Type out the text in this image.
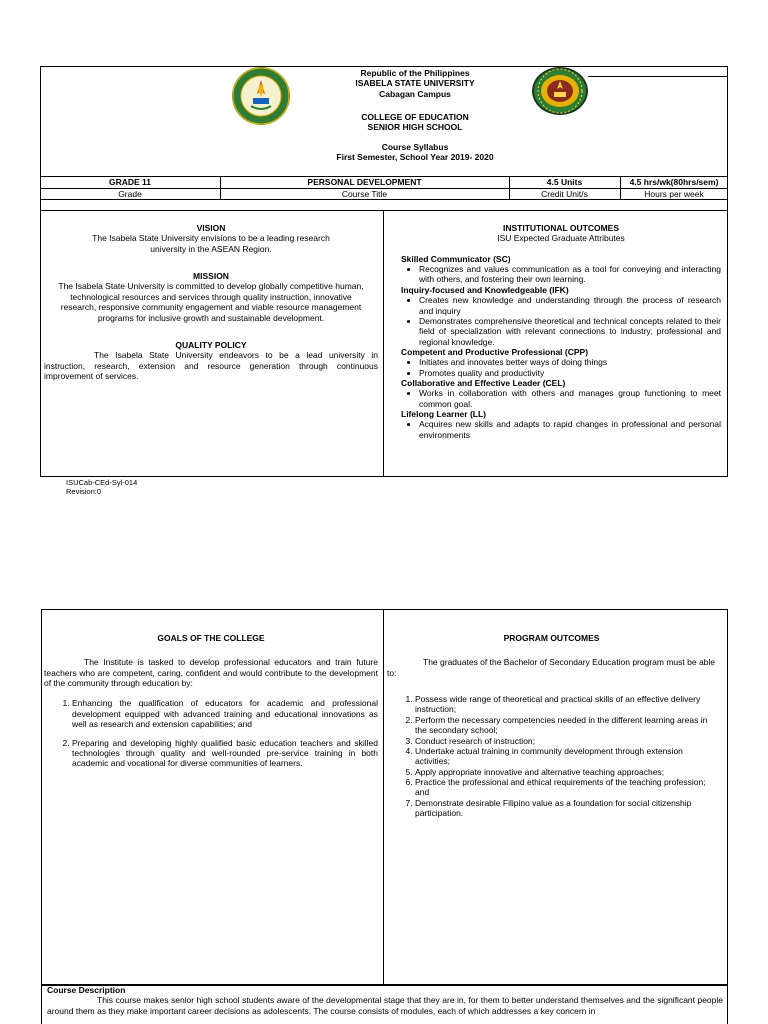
Republic of the Philippines
ISABELA STATE UNIVERSITY
Cabagan Campus
COLLEGE OF EDUCATION
SENIOR HIGH SCHOOL
Course Syllabus
First Semester, School Year 2019- 2020
GRADE 11
Grade
PERSONAL DEVELOPMENT
Course Title
4.5 Units
Credit Unit/s
4.5 hrs/wk(80hrs/sem)
Hours per week
VISION
The Isabela State University envisions to be a leading research university in the ASEAN Region.
MISSION
The Isabela State University is committed to develop globally competitive human, technological resources and services through quality instruction, innovative research, responsive community engagement and viable resource management programs for inclusive growth and sustainable development.
QUALITY POLICY
The Isabela State University endeavors to be a lead university in instruction, research, extension and resource generation through continuous improvement of services.
INSTITUTIONAL OUTCOMES
ISU Expected Graduate Attributes
Skilled Communicator (SC)
• Recognizes and values communication as a tool for conveying and interacting with others, and fostering their own learning.
Inquiry-focused and Knowledgeable (IFK)
• Creates new knowledge and understanding through the process of research and inquiry
• Demonstrates comprehensive theoretical and technical concepts related to their field of specialization with relevant connections to industry, professional and regional knowledge.
Competent and Productive Professional (CPP)
• Initiates and innovates better ways of doing things
• Promotes quality and productivity
Collaborative and Effective Leader (CEL)
• Works in collaboration with others and manages group functioning to meet common goal.
Lifelong Learner (LL)
• Acquires new skills and adapts to rapid changes in professional and personal environments
ISUCab-CEd-Syl-014
Revision:0
GOALS OF THE COLLEGE
The Institute is tasked to develop professional educators and train future teachers who are competent, caring, confident and would contribute to the development of the community through education by:
1. Enhancing the qualification of educators for academic and professional development equipped with advanced training and educational innovations as well as research and extension capabilities; and
2. Preparing and developing highly qualified basic education teachers and skilled technologies through quality and well-rounded pre-service training in both academic and vocational for diverse communities of learners.
PROGRAM OUTCOMES
The graduates of the Bachelor of Secondary Education program must be able to:
1. Possess wide range of theoretical and practical skills of an effective delivery instruction;
2. Perform the necessary competencies needed in the different learning areas in the secondary school;
3. Conduct research of instruction;
4. Undertake actual training in community development through extension activities;
5. Apply appropriate innovative and alternative teaching approaches;
6. Practice the professional and ethical requirements of the teaching profession; and
7. Demonstrate desirable Filipino value as a foundation for social citizenship participation.
Course Description
This course makes senior high school students aware of the developmental stage that they are in, for them to better understand themselves and the significant people around them as they make important career decisions as adolescents. The course consists of modules, each of which addresses a key concern in
